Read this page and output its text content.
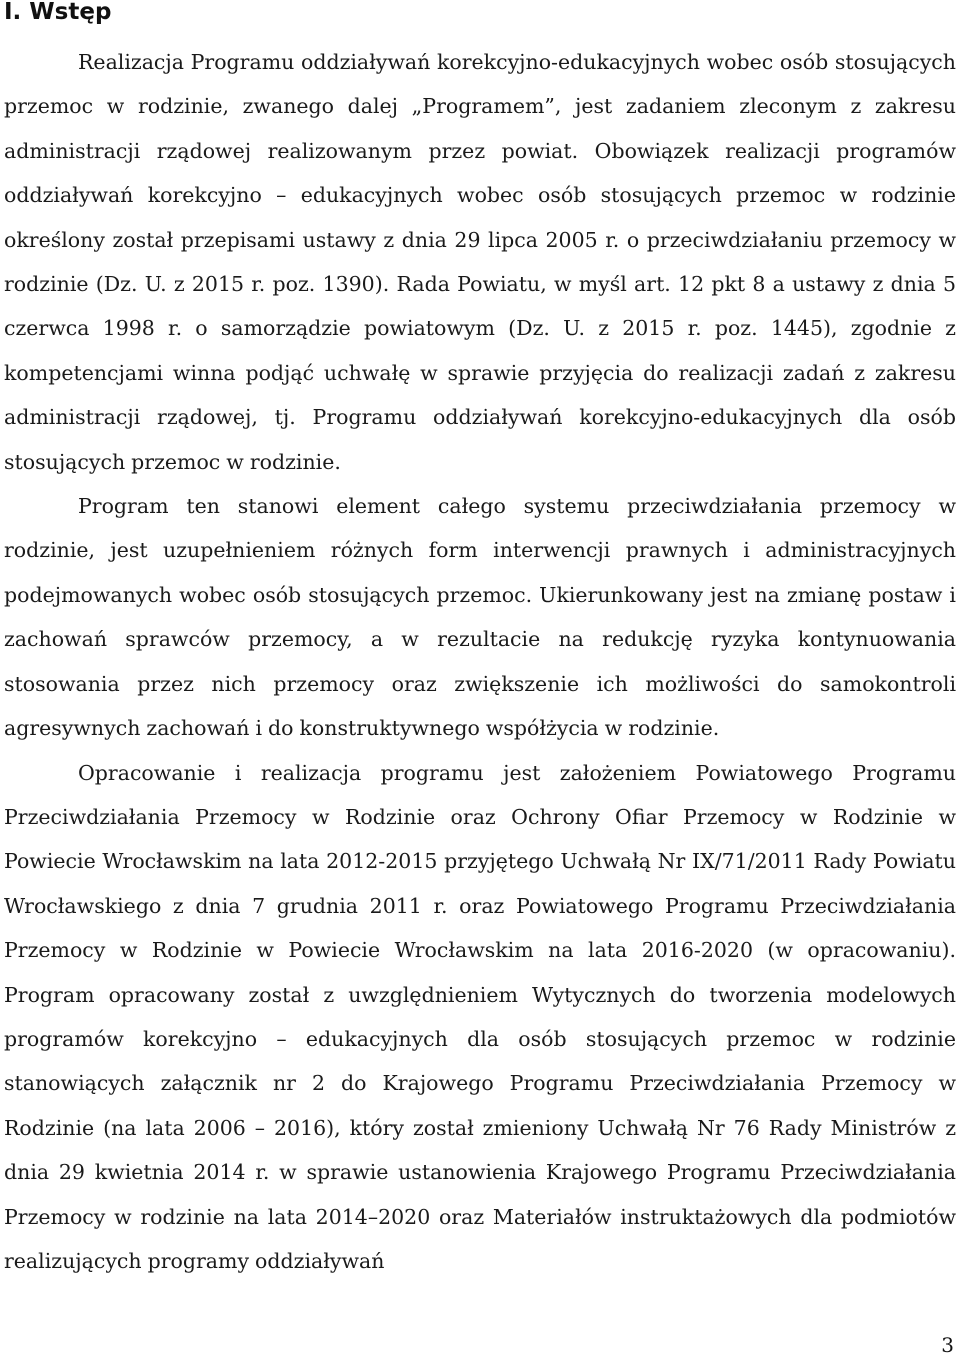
I. Wstęp

Realizacja Programu oddziaływań korekcyjno-edukacyjnych wobec osób stosujących przemoc w rodzinie, zwanego dalej „Programem”, jest zadaniem zleconym z zakresu administracji rządowej realizowanym przez powiat. Obowiązek realizacji programów oddziaływań korekcyjno – edukacyjnych wobec osób stosujących przemoc w rodzinie określony został przepisami ustawy z dnia 29 lipca 2005 r. o przeciwdziałaniu przemocy w rodzinie (Dz. U. z 2015 r. poz. 1390). Rada Powiatu, w myśl art. 12 pkt 8 a ustawy z dnia 5 czerwca 1998 r. o samorządzie powiatowym (Dz. U. z 2015 r. poz. 1445), zgodnie z kompetencjami winna podjąć uchwałę w sprawie przyjęcia do realizacji zadań z zakresu administracji rządowej, tj. Programu oddziaływań korekcyjno-edukacyjnych dla osób stosujących przemoc w rodzinie.

Program ten stanowi element całego systemu przeciwdziałania przemocy w rodzinie, jest uzupełnieniem różnych form interwencji prawnych i administracyjnych podejmowanych wobec osób stosujących przemoc. Ukierunkowany jest na zmianę postaw i zachowań sprawców przemocy, a w rezultacie na redukcję ryzyka kontynuowania stosowania przez nich przemocy oraz zwiększenie ich możliwości do samokontroli agresywnych zachowań i do konstruktywnego współżycia w rodzinie.

Opracowanie i realizacja programu jest założeniem Powiatowego Programu Przeciwdziałania Przemocy w Rodzinie oraz Ochrony Ofiar Przemocy w Rodzinie w Powiecie Wrocławskim na lata 2012-2015 przyjętego Uchwałą Nr IX/71/2011 Rady Powiatu Wrocławskiego z dnia 7 grudnia 2011 r. oraz Powiatowego Programu Przeciwdziałania Przemocy w Rodzinie w Powiecie Wrocławskim na lata 2016-2020 (w opracowaniu). Program opracowany został z uwzględnieniem Wytycznych do tworzenia modelowych programów korekcyjno – edukacyjnych dla osób stosujących przemoc w rodzinie stanowiących załącznik nr 2 do Krajowego Programu Przeciwdziałania Przemocy w Rodzinie (na lata 2006 – 2016), który został zmieniony Uchwałą Nr 76 Rady Ministrów z dnia 29 kwietnia 2014 r. w sprawie ustanowienia Krajowego Programu Przeciwdziałania Przemocy w rodzinie na lata 2014–2020 oraz Materiałów instruktażowych dla podmiotów realizujących programy oddziaływań

3
